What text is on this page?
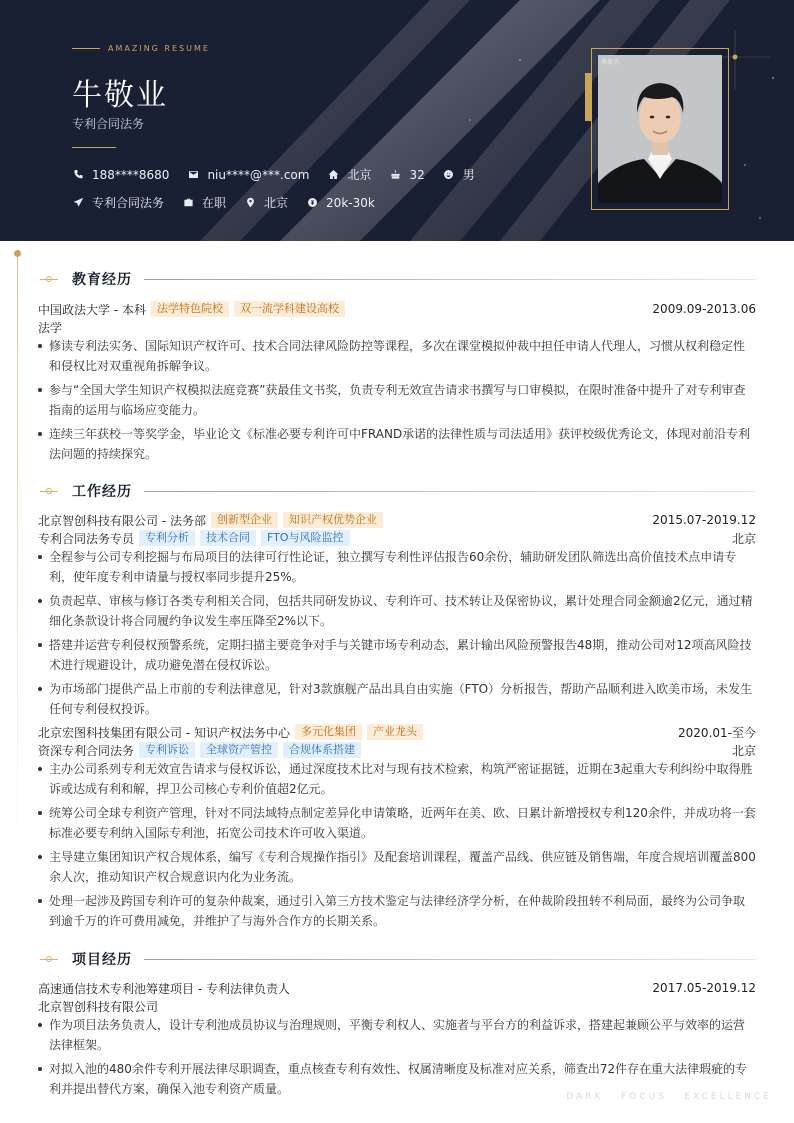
AMAZING RESUME
牛敬业
专利合同法务
188****8680	niu****@***.com	北京	32	男
专利合同法务	在职	北京	20k-30k
秀简历
教育经历
中国政法大学 - 本科	法学特色院校	双一流学科建设高校	2009.09-2013.06
法学
修读专利法实务、国际知识产权许可、技术合同法律风险防控等课程，多次在课堂模拟仲裁中担任申请人代理人，习惯从权利稳定性和侵权比对双重视角拆解争议。
参与“全国大学生知识产权模拟法庭竞赛”获最佳文书奖，负责专利无效宣告请求书撰写与口审模拟，在限时准备中提升了对专利审查指南的运用与临场应变能力。
连续三年获校一等奖学金，毕业论文《标准必要专利许可中FRAND承诺的法律性质与司法适用》获评校级优秀论文，体现对前沿专利法问题的持续探究。
工作经历
北京智创科技有限公司 - 法务部	创新型企业	知识产权优势企业	2015.07-2019.12
专利合同法务专员	专利分析	技术合同	FTO与风险监控	北京
全程参与公司专利挖掘与布局项目的法律可行性论证，独立撰写专利性评估报告60余份，辅助研发团队筛选出高价值技术点申请专利，使年度专利申请量与授权率同步提升25%。
负责起草、审核与修订各类专利相关合同，包括共同研发协议、专利许可、技术转让及保密协议，累计处理合同金额逾2亿元，通过精细化条款设计将合同履约争议发生率压降至2%以下。
搭建并运营专利侵权预警系统，定期扫描主要竞争对手与关键市场专利动态，累计输出风险预警报告48期，推动公司对12项高风险技术进行规避设计，成功避免潜在侵权诉讼。
为市场部门提供产品上市前的专利法律意见，针对3款旗舰产品出具自由实施（FTO）分析报告，帮助产品顺利进入欧美市场，未发生任何专利侵权投诉。
北京宏图科技集团有限公司 - 知识产权法务中心	多元化集团	产业龙头	2020.01-至今
资深专利合同法务	专利诉讼	全球资产管控	合规体系搭建	北京
主办公司系列专利无效宣告请求与侵权诉讼，通过深度技术比对与现有技术检索，构筑严密证据链，近期在3起重大专利纠纷中取得胜诉或达成有利和解，捍卫公司核心专利价值超2亿元。
统筹公司全球专利资产管理，针对不同法域特点制定差异化申请策略，近两年在美、欧、日累计新增授权专利120余件，并成功将一套标准必要专利纳入国际专利池，拓宽公司技术许可收入渠道。
主导建立集团知识产权合规体系，编写《专利合规操作指引》及配套培训课程，覆盖产品线、供应链及销售端，年度合规培训覆盖800余人次，推动知识产权合规意识内化为业务流。
处理一起涉及跨国专利许可的复杂仲裁案，通过引入第三方技术鉴定与法律经济学分析，在仲裁阶段扭转不利局面，最终为公司争取到逾千万的许可费用减免，并维护了与海外合作方的长期关系。
项目经历
高速通信技术专利池筹建项目 - 专利法律负责人	2017.05-2019.12
北京智创科技有限公司
作为项目法务负责人，设计专利池成员协议与治理规则，平衡专利权人、实施者与平台方的利益诉求，搭建起兼顾公平与效率的运营法律框架。
对拟入池的480余件专利开展法律尽职调查，重点核查专利有效性、权属清晰度及标准对应关系，筛查出72件存在重大法律瑕疵的专利并提出替代方案，确保入池专利资产质量。
DARK · FOCUS · EXCELLENCE
